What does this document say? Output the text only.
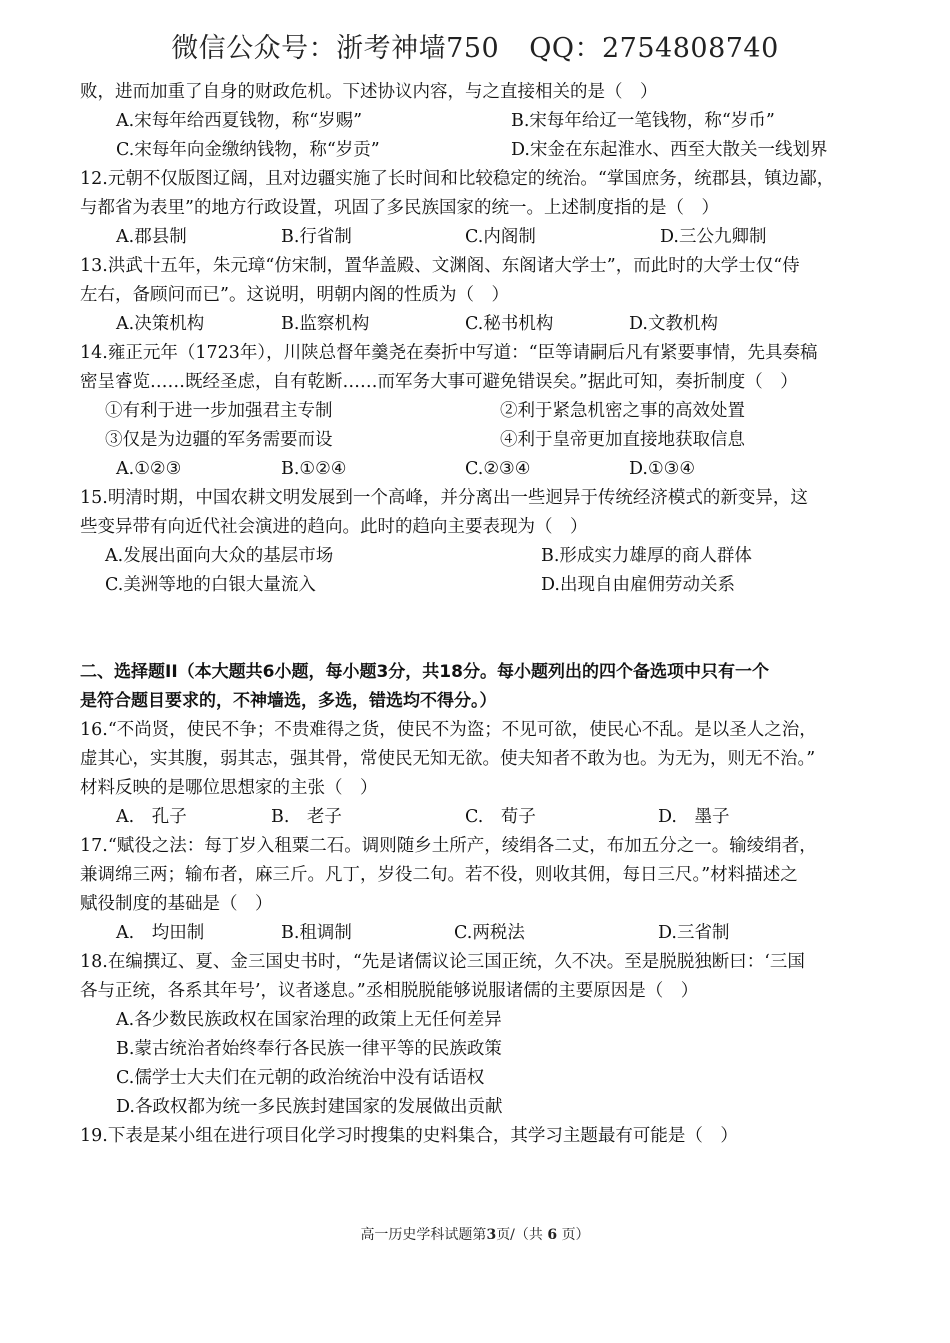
微信公众号：浙考神墙750 QQ：2754808740
败，进而加重了自身的财政危机。下述协议内容，与之直接相关的是（　）
A.宋每年给西夏钱物，称“岁赐”	B.宋每年给辽一笔钱物，称“岁币”
C.宋每年向金缴纳钱物，称“岁贡”	D.宋金在东起淮水、西至大散关一线划界
12.元朝不仅版图辽阔，且对边疆实施了长时间和比较稳定的统治。“掌国庶务，统郡县，镇边鄙，
与都省为表里”的地方行政设置，巩固了多民族国家的统一。上述制度指的是（　）
A.郡县制	B.行省制	C.内阁制	D.三公九卿制
13.洪武十五年，朱元璋“仿宋制，置华盖殿、文渊阁、东阁诸大学士”，而此时的大学士仅“侍
左右，备顾问而已”。这说明，明朝内阁的性质为（　）
A.决策机构	B.监察机构	C.秘书机构	D.文教机构
14.雍正元年（1723年），川陕总督年羹尧在奏折中写道：“臣等请嗣后凡有紧要事情，先具奏稿
密呈睿览……既经圣虑，自有乾断……而军务大事可避免错误矣。”据此可知，奏折制度（　）
①有利于进一步加强君主专制	②利于紧急机密之事的高效处置
③仅是为边疆的军务需要而设	④利于皇帝更加直接地获取信息
A.①②③	B.①②④	C.②③④	D.①③④
15.明清时期，中国农耕文明发展到一个高峰，并分离出一些迥异于传统经济模式的新变异，这
些变异带有向近代社会演进的趋向。此时的趋向主要表现为（　）
A.发展出面向大众的基层市场	B.形成实力雄厚的商人群体
C.美洲等地的白银大量流入	D.出现自由雇佣劳动关系
二、选择题II（本大题共6小题，每小题3分，共18分。每小题列出的四个备选项中只有一个
是符合题目要求的，不神墙选，多选，错选均不得分。）
16.“不尚贤，使民不争；不贵难得之货，使民不为盗；不见可欲，使民心不乱。是以圣人之治，
虚其心，实其腹，弱其志，强其骨，常使民无知无欲。使夫知者不敢为也。为无为，则无不治。”
材料反映的是哪位思想家的主张（　）
A.　孔子	B.　老子	C.　荀子	D.　墨子
17.“赋役之法：每丁岁入租粟二石。调则随乡土所产，绫绢各二丈，布加五分之一。输绫绢者，
兼调绵三两；输布者，麻三斤。凡丁，岁役二旬。若不役，则收其佣，每日三尺。”材料描述之
赋役制度的基础是（　）
A.　均田制	B.租调制	C.两税法	D.三省制
18.在编撰辽、夏、金三国史书时，“先是诸儒议论三国正统，久不决。至是脱脱独断曰：‘三国
各与正统，各系其年号’，议者遂息。”丞相脱脱能够说服诸儒的主要原因是（　）
A.各少数民族政权在国家治理的政策上无任何差异
B.蒙古统治者始终奉行各民族一律平等的民族政策
C.儒学士大夫们在元朝的政治统治中没有话语权
D.各政权都为统一多民族封建国家的发展做出贡献
19.下表是某小组在进行项目化学习时搜集的史料集合，其学习主题最有可能是（　）
高一历史学科试题第3页/（共 6 页）
